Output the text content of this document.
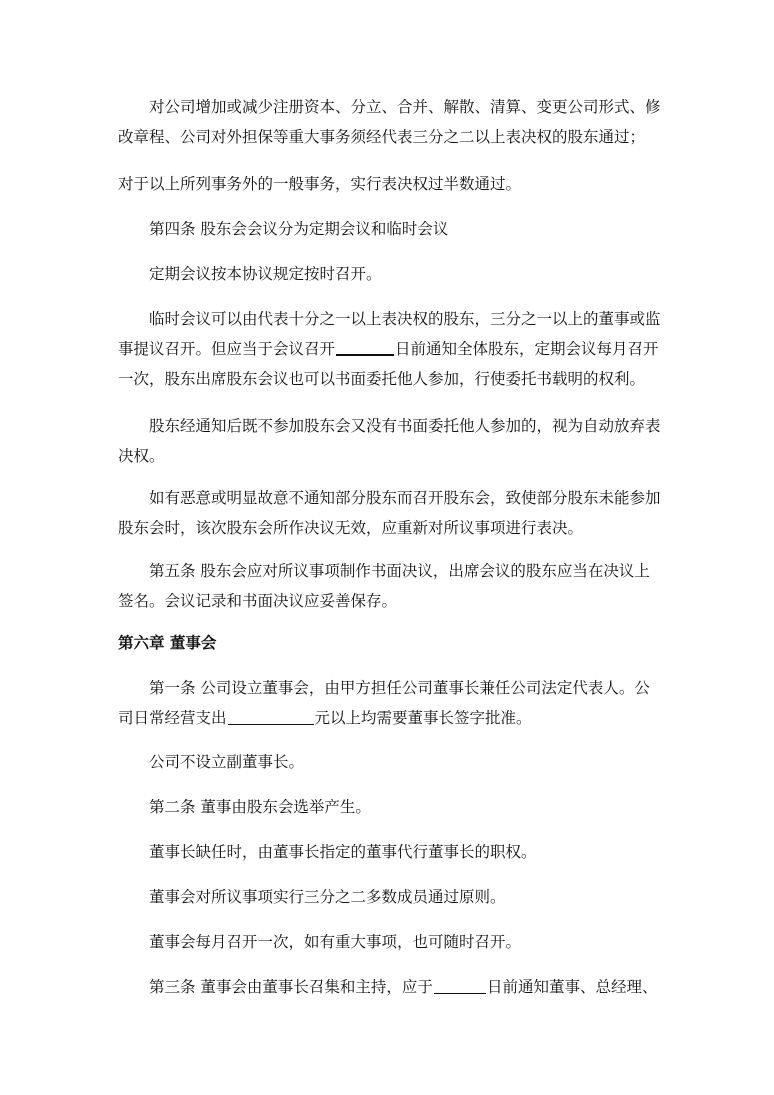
对公司增加或减少注册资本、分立、合并、解散、清算、变更公司形式、修
改章程、公司对外担保等重大事务须经代表三分之二以上表决权的股东通过；

对于以上所列事务外的一般事务，实行表决权过半数通过。

第四条 股东会会议分为定期会议和临时会议

定期会议按本协议规定按时召开。

临时会议可以由代表十分之一以上表决权的股东，三分之一以上的董事或监
事提议召开。但应当于会议召开	日前通知全体股东，定期会议每月召开
一次，股东出席股东会议也可以书面委托他人参加，行使委托书载明的权利。

股东经通知后既不参加股东会又没有书面委托他人参加的，视为自动放弃表
决权。

如有恶意或明显故意不通知部分股东而召开股东会，致使部分股东未能参加
股东会时，该次股东会所作决议无效，应重新对所议事项进行表决。

第五条 股东会应对所议事项制作书面决议，出席会议的股东应当在决议上
签名。会议记录和书面决议应妥善保存。

第六章 董事会

第一条 公司设立董事会，由甲方担任公司董事长兼任公司法定代表人。公
司日常经营支出	元以上均需要董事长签字批准。

公司不设立副董事长。

第二条 董事由股东会选举产生。

董事长缺任时，由董事长指定的董事代行董事长的职权。

董事会对所议事项实行三分之二多数成员通过原则。

董事会每月召开一次，如有重大事项，也可随时召开。

第三条 董事会由董事长召集和主持，应于	日前通知董事、总经理、
